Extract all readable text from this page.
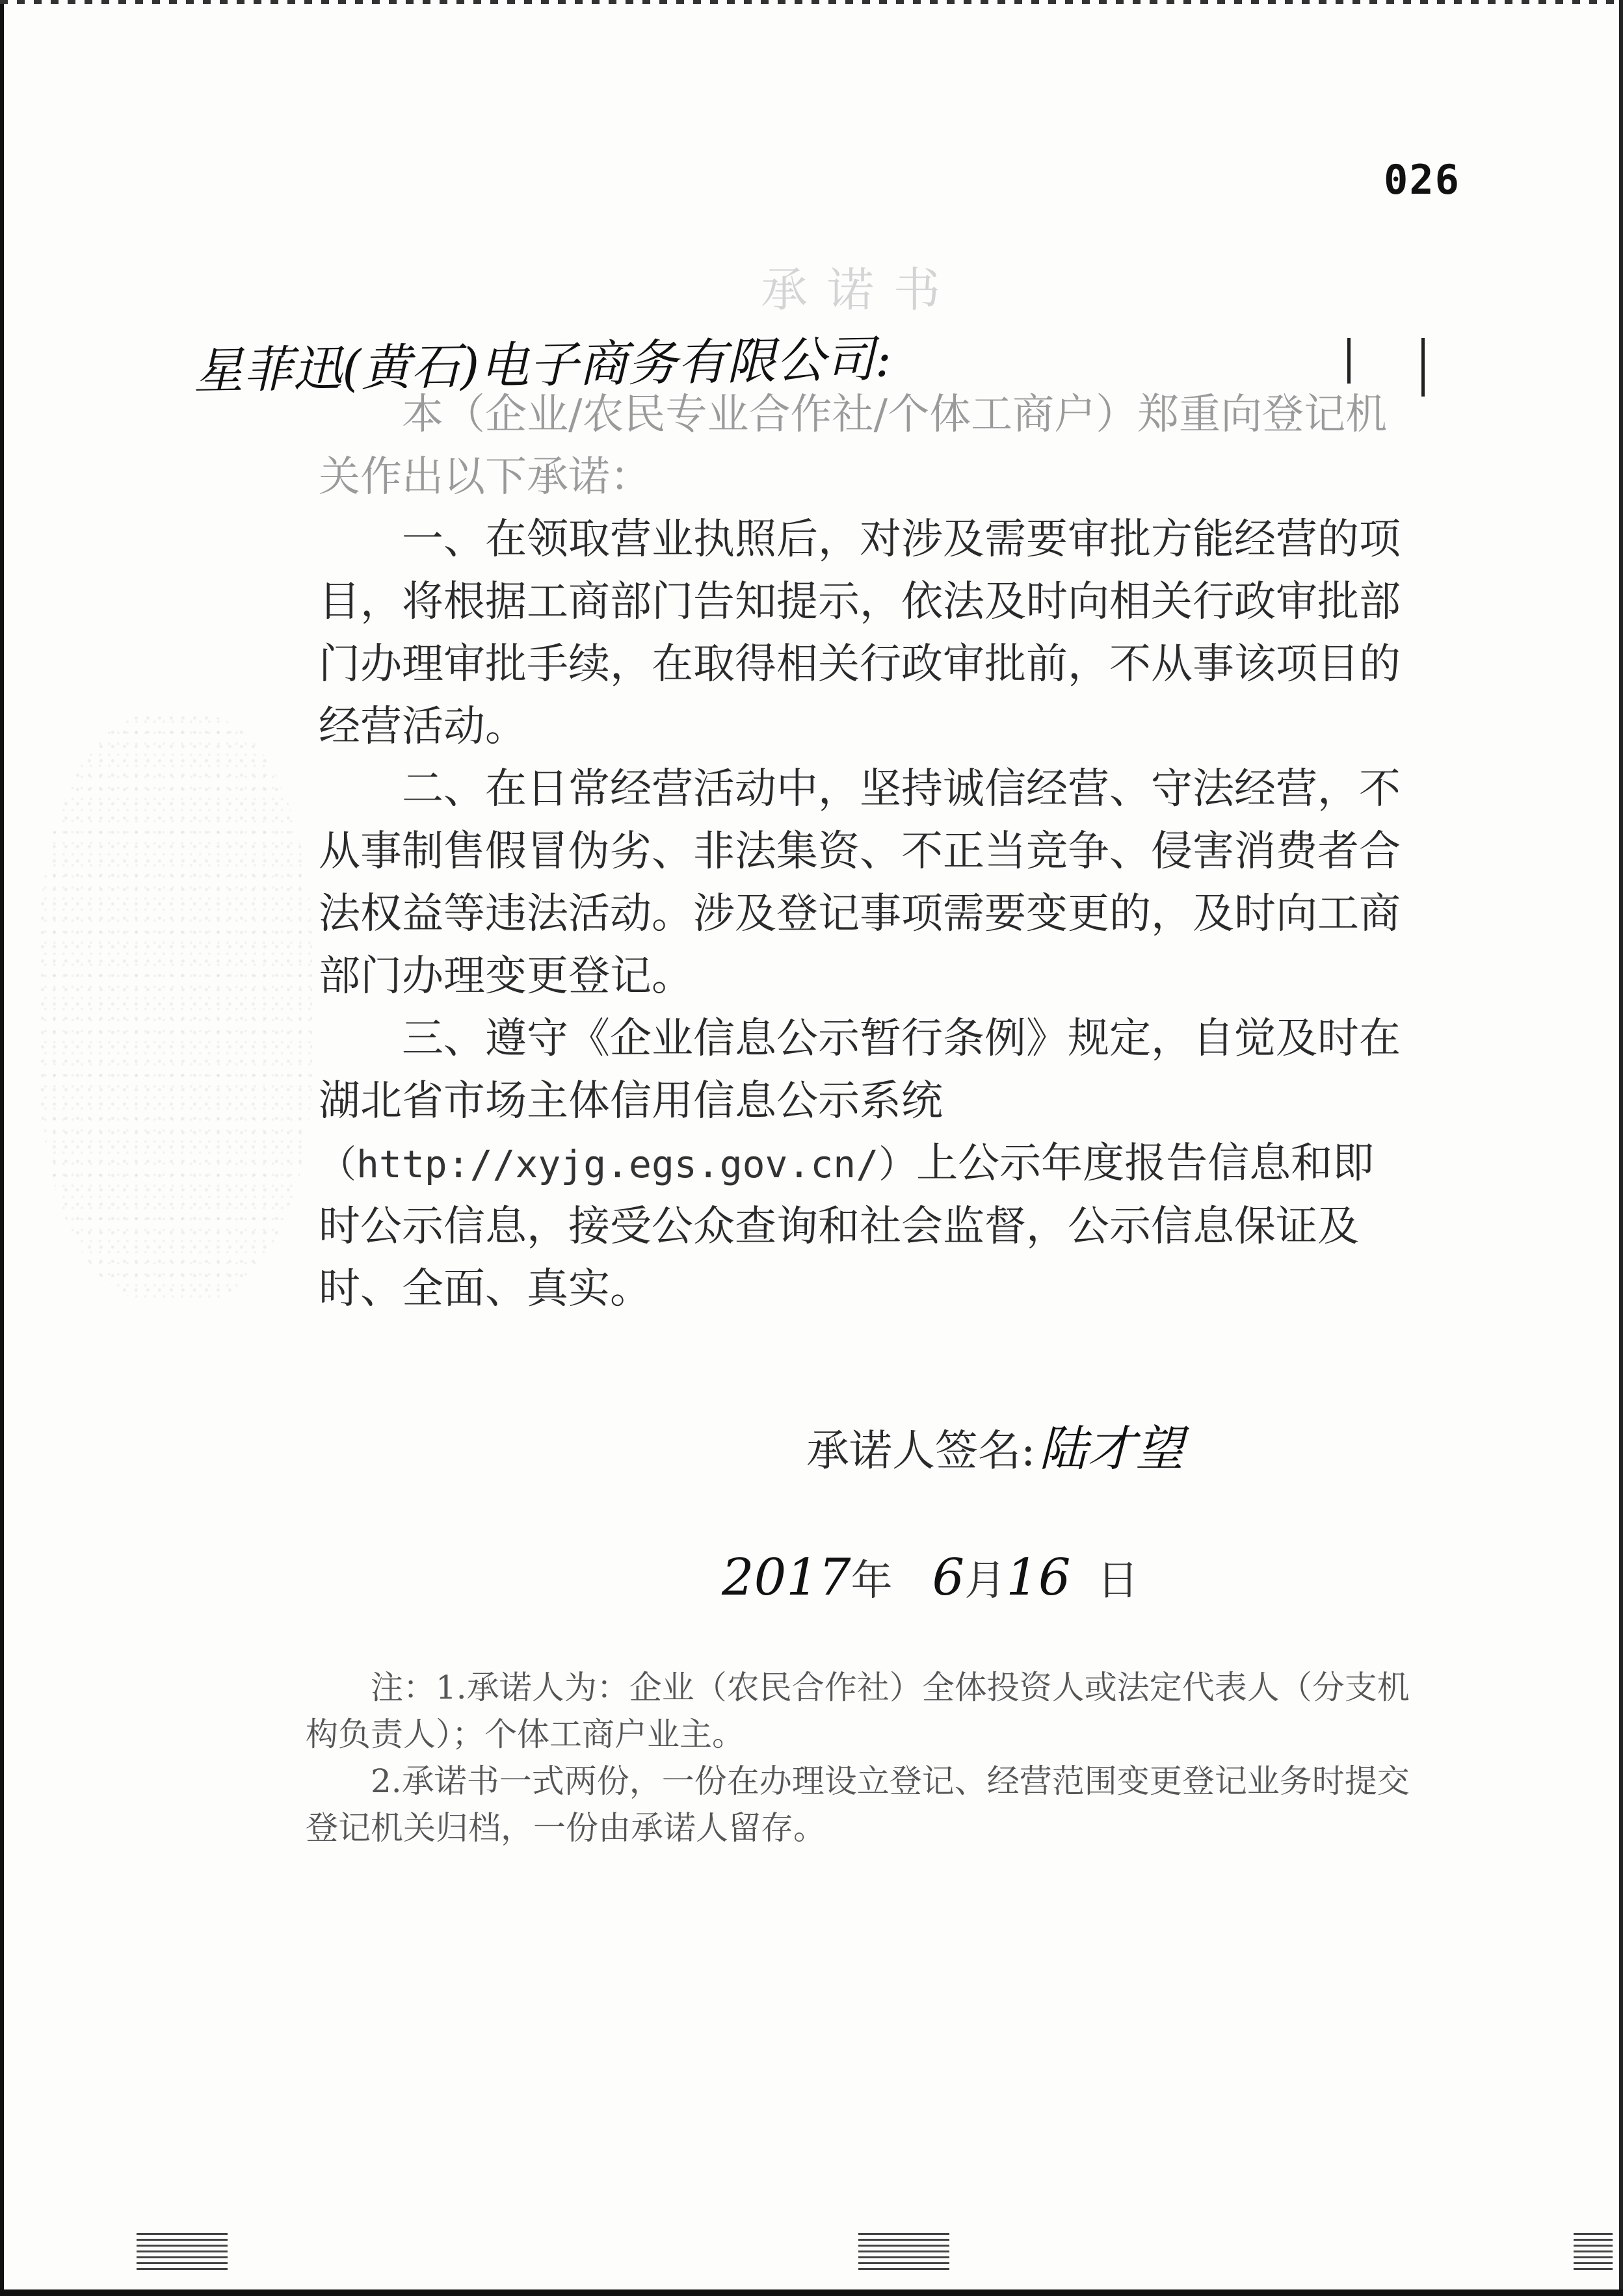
026
承诺书
星菲迅(黄石)电子商务有限公司:

本（企业/农民专业合作社/个体工商户）郑重向登记机

关作出以下承诺：

一、在领取营业执照后，对涉及需要审批方能经营的项目，将根据工商部门告知提示，依法及时向相关行政审批部门办理审批手续，在取得相关行政审批前，不从事该项目的经营活动。

二、在日常经营活动中，坚持诚信经营、守法经营，不从事制售假冒伪劣、非法集资、不正当竞争、侵害消费者合法权益等违法活动。涉及登记事项需要变更的，及时向工商部门办理变更登记。

三、遵守《企业信息公示暂行条例》规定，自觉及时在湖北省市场主体信用信息公示系统
（http://xyjg.egs.gov.cn/）上公示年度报告信息和即时公示信息，接受公众查询和社会监督，公示信息保证及时、全面、真实。

承诺人签名:陆才望
2017年 6月16 日

注：1.承诺人为：企业（农民合作社）全体投资人或法定代表人（分支机构负责人）；个体工商户业主。

2.承诺书一式两份，一份在办理设立登记、经营范围变更登记业务时提交登记机关归档，一份由承诺人留存。
